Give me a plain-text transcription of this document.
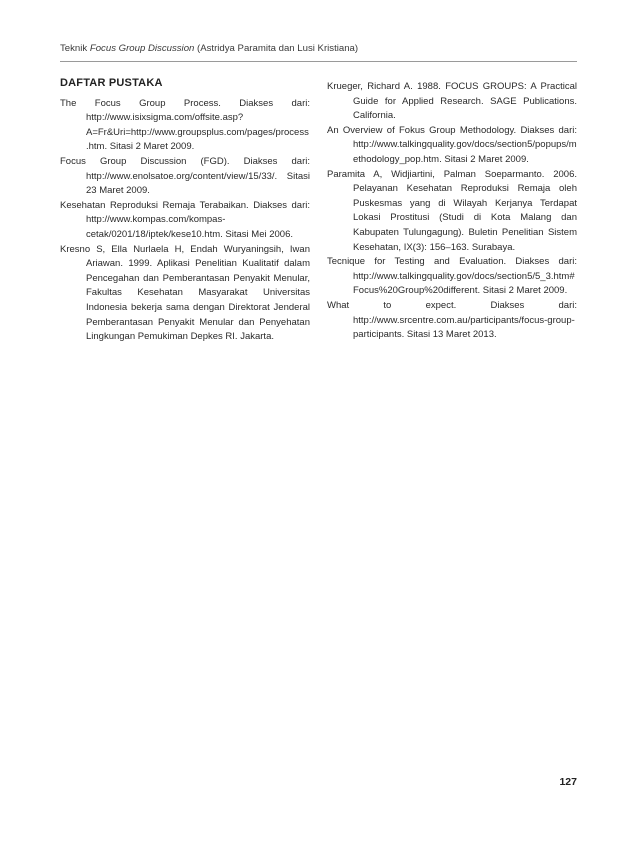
Teknik Focus Group Discussion (Astridya Paramita dan Lusi Kristiana)

DAFTAR PUSTAKA

The Focus Group Process. Diakses dari: http://www.isixsigma.com/offsite.asp?A=Fr&Uri=http://www.groupsplus.com/pages/process.htm. Sitasi 2 Maret 2009.

Focus Group Discussion (FGD). Diakses dari: http://www.enolsatoe.org/content/view/15/33/. Sitasi 23 Maret 2009.

Kesehatan Reproduksi Remaja Terabaikan. Diakses dari: http://www.kompas.com/kompas-cetak/0201/18/iptek/kese10.htm. Sitasi Mei 2006.

Kresno S, Ella Nurlaela H, Endah Wuryaningsih, Iwan Ariawan. 1999. Aplikasi Penelitian Kualitatif dalam Pencegahan dan Pemberantasan Penyakit Menular, Fakultas Kesehatan Masyarakat Universitas Indonesia bekerja sama dengan Direktorat Jenderal Pemberantasan Penyakit Menular dan Penyehatan Lingkungan Pemukiman Depkes RI. Jakarta.

Krueger, Richard A. 1988. FOCUS GROUPS: A Practical Guide for Applied Research. SAGE Publications. California.

An Overview of Fokus Group Methodology. Diakses dari: http://www.talkingquality.gov/docs/section5/popups/methodology_pop.htm. Sitasi 2 Maret 2009.

Paramita A, Widjiartini, Palman Soeparmanto. 2006. Pelayanan Kesehatan Reproduksi Remaja oleh Puskesmas yang di Wilayah Kerjanya Terdapat Lokasi Prostitusi (Studi di Kota Malang dan Kabupaten Tulungagung). Buletin Penelitian Sistem Kesehatan, IX(3): 156–163. Surabaya.

Tecnique for Testing and Evaluation. Diakses dari: http://www.talkingquality.gov/docs/section5/5_3.htm#Focus%20Group%20different. Sitasi 2 Maret 2009.

What to expect. Diakses dari: http://www.srcentre.com.au/participants/focus-group-participants. Sitasi 13 Maret 2013.

127
